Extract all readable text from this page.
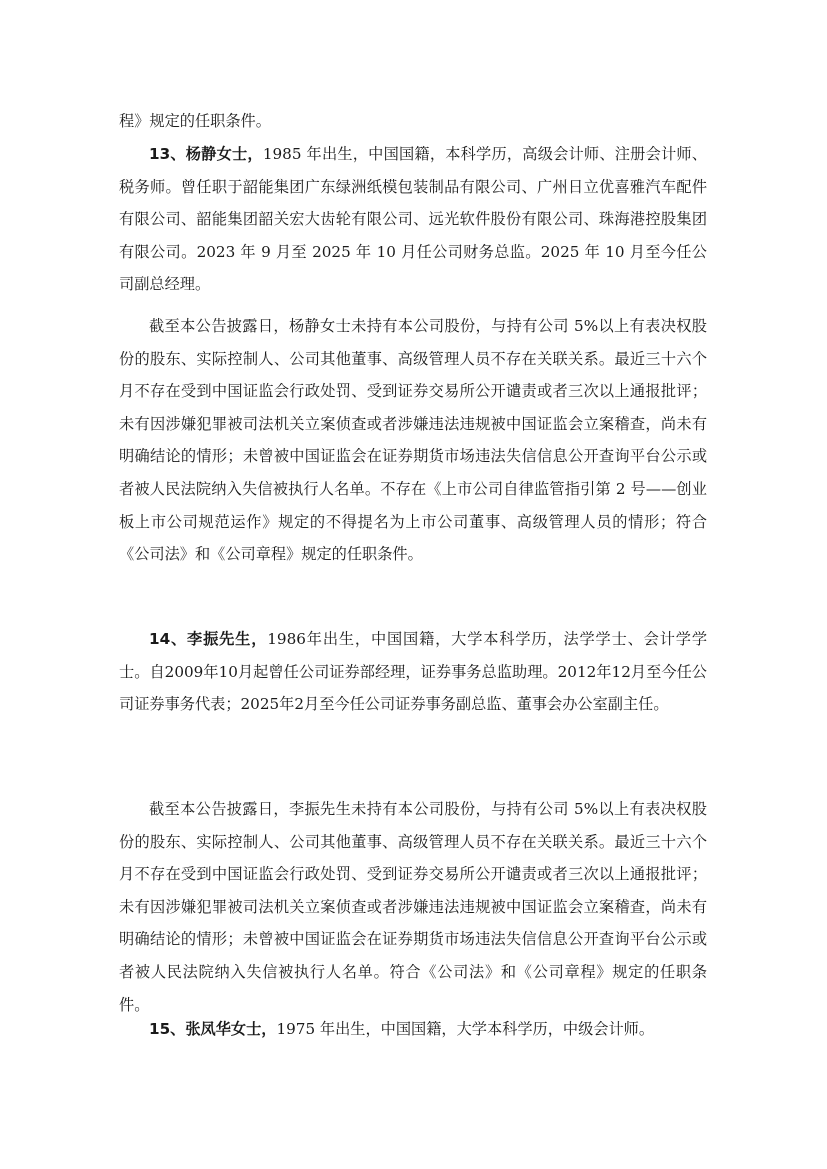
程》规定的任职条件。

13、杨静女士，1985 年出生，中国国籍，本科学历，高级会计师、注册会计师、税务师。曾任职于韶能集团广东绿洲纸模包装制品有限公司、广州日立优喜雅汽车配件有限公司、韶能集团韶关宏大齿轮有限公司、远光软件股份有限公司、珠海港控股集团有限公司。2023 年 9 月至 2025 年 10 月任公司财务总监。2025 年 10 月至今任公司副总经理。

截至本公告披露日，杨静女士未持有本公司股份，与持有公司 5%以上有表决权股份的股东、实际控制人、公司其他董事、高级管理人员不存在关联关系。最近三十六个月不存在受到中国证监会行政处罚、受到证券交易所公开谴责或者三次以上通报批评；未有因涉嫌犯罪被司法机关立案侦查或者涉嫌违法违规被中国证监会立案稽查，尚未有明确结论的情形；未曾被中国证监会在证券期货市场违法失信信息公开查询平台公示或者被人民法院纳入失信被执行人名单。不存在《上市公司自律监管指引第 2 号——创业板上市公司规范运作》规定的不得提名为上市公司董事、高级管理人员的情形；符合《公司法》和《公司章程》规定的任职条件。

14、李振先生，1986年出生，中国国籍，大学本科学历，法学学士、会计学学士。自2009年10月起曾任公司证券部经理，证券事务总监助理。2012年12月至今任公司证券事务代表；2025年2月至今任公司证券事务副总监、董事会办公室副主任。

截至本公告披露日，李振先生未持有本公司股份，与持有公司 5%以上有表决权股份的股东、实际控制人、公司其他董事、高级管理人员不存在关联关系。最近三十六个月不存在受到中国证监会行政处罚、受到证券交易所公开谴责或者三次以上通报批评；未有因涉嫌犯罪被司法机关立案侦查或者涉嫌违法违规被中国证监会立案稽查，尚未有明确结论的情形；未曾被中国证监会在证券期货市场违法失信信息公开查询平台公示或者被人民法院纳入失信被执行人名单。符合《公司法》和《公司章程》规定的任职条件。

15、张凤华女士，1975 年出生，中国国籍，大学本科学历，中级会计师。
